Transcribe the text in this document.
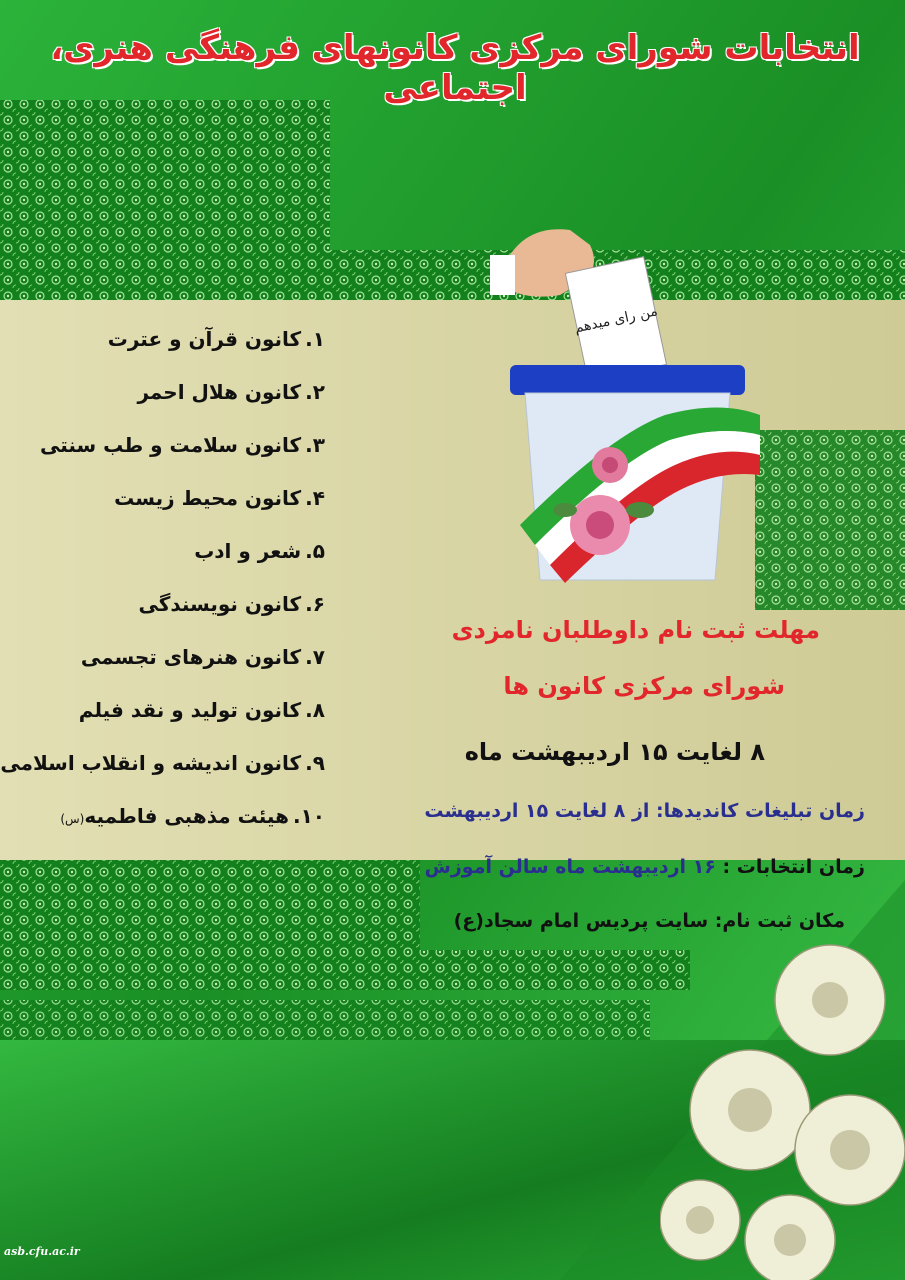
انتخابات شورای مرکزی کانونهای فرهنگی هنری، اجتماعی
من رای میدهم
۱.کانون قرآن و عترت
۲.کانون هلال احمر
۳.کانون سلامت و طب سنتی
۴.کانون محیط زیست
۵.شعر و ادب
۶.کانون نویسندگی
۷.کانون هنرهای تجسمی
۸.کانون تولید و نقد فیلم
۹.کانون اندیشه و انقلاب اسلامی
۱۰.هیئت مذهبی فاطمیه(س)
مهلت ثبت نام داوطلبان نامزدی
شورای مرکزی کانون ها
۸ لغایت ۱۵ اردیبهشت ماه
زمان تبلیغات کاندیدها: از ۸ لغایت ۱۵ اردیبهشت
زمان انتخابات : ۱۶ اردیبهشت ماه سالن آموزش
مکان ثبت نام: سایت پردیس امام سجاد(ع)
asb.cfu.ac.ir
